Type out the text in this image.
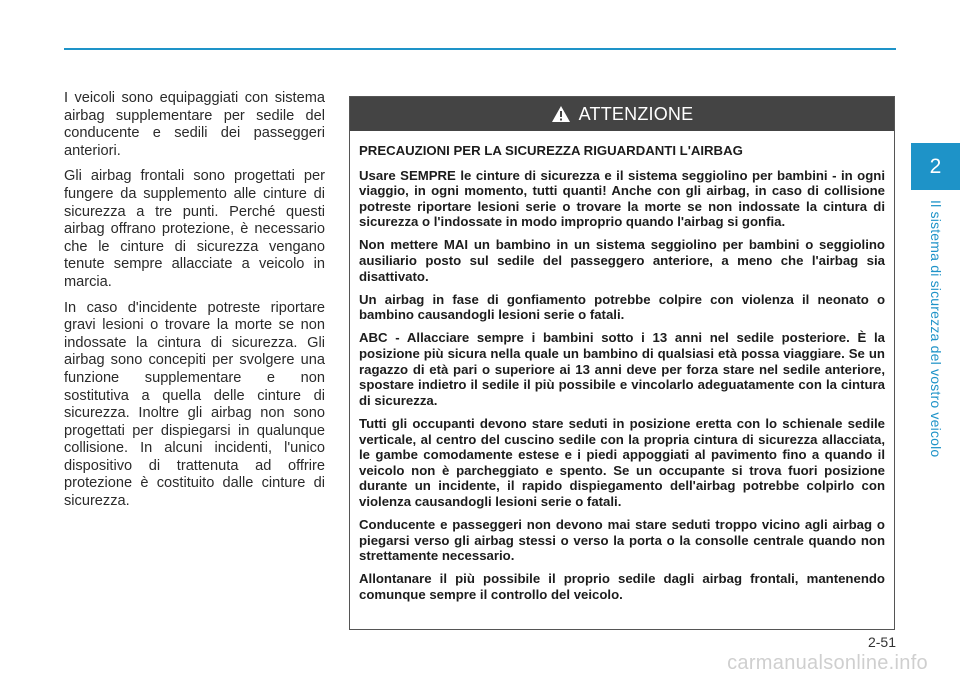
I veicoli sono equipaggiati con sistema airbag supplementare per sedile del conducente e sedili dei passeggeri anteriori.

Gli airbag frontali sono progettati per fungere da supplemento alle cinture di sicurezza a tre punti. Perché questi airbag offrano protezione, è necessario che le cinture di sicurezza vengano tenute sempre allacciate a veicolo in marcia.

In caso d'incidente potreste riportare gravi lesioni o trovare la morte se non indossate la cintura di sicurezza. Gli airbag sono concepiti per svolgere una funzione supplementare e non sostitutiva a quella delle cinture di sicurezza. Inoltre gli airbag non sono progettati per dispiegarsi in qualunque collisione. In alcuni incidenti, l'unico dispositivo di trattenuta ad offrire protezione è costituito dalle cinture di sicurezza.

ATTENZIONE

PRECAUZIONI PER LA SICUREZZA RIGUARDANTI L'AIRBAG

Usare SEMPRE le cinture di sicurezza e il sistema seggiolino per bambini - in ogni viaggio, in ogni momento, tutti quanti! Anche con gli airbag, in caso di collisione potreste riportare lesioni serie o trovare la morte se non indossate la cintura di sicurezza o l'indossate in modo improprio quando l'airbag si gonfia.

Non mettere MAI un bambino in un sistema seggiolino per bambini o seggiolino ausiliario posto sul sedile del passeggero anteriore, a meno che l'airbag sia disattivato.

Un airbag in fase di gonfiamento potrebbe colpire con violenza il neonato o bambino causandogli lesioni serie o fatali.

ABC - Allacciare sempre i bambini sotto i 13 anni nel sedile posteriore. È la posizione più sicura nella quale un bambino di qualsiasi età possa viaggiare. Se un ragazzo di età pari o superiore ai 13 anni deve per forza stare nel sedile anteriore, spostare indietro il sedile il più possibile e vincolarlo adeguatamente con la cintura di sicurezza.

Tutti gli occupanti devono stare seduti in posizione eretta con lo schienale sedile verticale, al centro del cuscino sedile con la propria cintura di sicurezza allacciata, le gambe comodamente estese e i piedi appoggiati al pavimento fino a quando il veicolo non è parcheggiato e spento. Se un occupante si trova fuori posizione durante un incidente, il rapido dispiegamento dell'airbag potrebbe colpirlo con violenza causandogli lesioni serie o fatali.

Conducente e passeggeri non devono mai stare seduti troppo vicino agli airbag o piegarsi verso gli airbag stessi o verso la porta o la consolle centrale quando non strettamente necessario.

Allontanare il più possibile il proprio sedile dagli airbag frontali, mantenendo comunque sempre il controllo del veicolo.

2
Il sistema di sicurezza del vostro veicolo
2-51
carmanualsonline.info
